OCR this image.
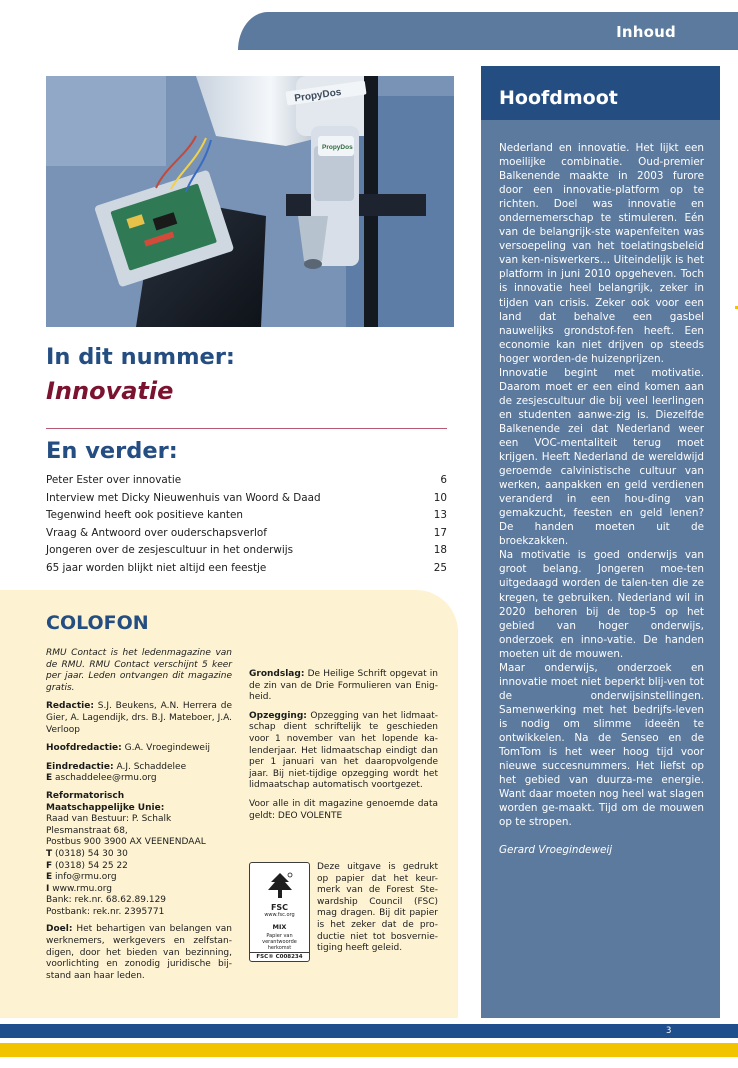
Inhoud
Hoofdmoot

Nederland en innovatie. Het lijkt een moeilijke combinatie. Oud-premier Balkenende maakte in 2003 furore door een innovatie-platform op te richten. Doel was innovatie en ondernemerschap te stimuleren. Eén van de belangrijk-ste wapenfeiten was versoepeling van het toelatingsbeleid van ken-niswerkers… Uiteindelijk is het platform in juni 2010 opgeheven. Toch is innovatie heel belangrijk, zeker in tijden van crisis. Zeker ook voor een land dat behalve een gasbel nauwelijks grondstof-fen heeft. Een economie kan niet drijven op steeds hoger worden-de huizenprijzen.

Innovatie begint met motivatie. Daarom moet er een eind komen aan de zesjescultuur die bij veel leerlingen en studenten aanwe-zig is. Diezelfde Balkenende zei dat Nederland weer een VOC-mentaliteit terug moet krijgen. Heeft Nederland de wereldwijd geroemde calvinistische cultuur van werken, aanpakken en geld verdienen veranderd in een hou-ding van gemakzucht, feesten en geld lenen? De handen moeten uit de broekzakken.

Na motivatie is goed onderwijs van groot belang. Jongeren moe-ten uitgedaagd worden de talen-ten die ze kregen, te gebruiken. Nederland wil in 2020 behoren bij de top-5 op het gebied van hoger onderwijs, onderzoek en inno-vatie. De handen moeten uit de mouwen.

Maar onderwijs, onderzoek en innovatie moet niet beperkt blij-ven tot de onderwijsinstellingen. Samenwerking met het bedrijfs-leven is nodig om slimme ideeën te ontwikkelen. Na de Senseo en de TomTom is het weer hoog tijd voor nieuwe succesnummers. Het liefst op het gebied van duurza-me energie. Want daar moeten nog heel wat slagen worden ge-maakt. Tijd om de mouwen op te stropen.

Gerard Vroegindeweij

PropyDos
PropyDos
In dit nummer:
Innovatie
En verder:
Peter Ester over innovatie	6
Interview met Dicky Nieuwenhuis van Woord & Daad	10
Tegenwind heeft ook positieve kanten	13
Vraag & Antwoord over ouderschapsverlof	17
Jongeren over de zesjescultuur in het onderwijs	18
65 jaar worden blijkt niet altijd een feestje	25
COLOFON

RMU Contact is het ledenmagazine van de RMU. RMU Contact verschijnt 5 keer per jaar. Leden ontvangen dit magazine gratis.

Redactie: S.J. Beukens, A.N. Herrera de Gier, A. Lagendijk, drs. B.J. Mateboer, J.A. Verloop

Hoofdredactie: G.A. Vroegindeweij

Eindredactie: A.J. Schaddelee
E aschaddelee@rmu.org

Reformatorisch
Maatschappelijke Unie:
Raad van Bestuur: P. Schalk
Plesmanstraat 68,
Postbus 900 3900 AX VEENENDAAL
T (0318) 54 30 30
F (0318) 54 25 22
E info@rmu.org
I www.rmu.org
Bank: rek.nr. 68.62.89.129
Postbank: rek.nr. 2395771

Doel: Het behartigen van belangen van werknemers, werkgevers en zelfstan-digen, door het bieden van bezinning, voorlichting en zonodig juridische bij-stand aan haar leden.

Grondslag: De Heilige Schrift opgevat in de zin van de Drie Formulieren van Enig-heid.

Opzegging: Opzegging van het lidmaat-schap dient schriftelijk te geschieden voor 1 november van het lopende ka-lenderjaar. Het lidmaatschap eindigt dan per 1 januari van het daaropvolgende jaar. Bij niet-tijdige opzegging wordt het lidmaatschap automatisch voortgezet.

Voor alle in dit magazine genoemde data geldt: DEO VOLENTE

FSC
www.fsc.org
MIX
Papier van verantwoorde herkomst
FSC® C008234
Deze uitgave is gedrukt op papier dat het keur-merk van de Forest Ste-wardship Council (FSC) mag dragen. Bij dit papier is het zeker dat de pro-ductie niet tot bosvernie-tiging heeft geleid.
3
